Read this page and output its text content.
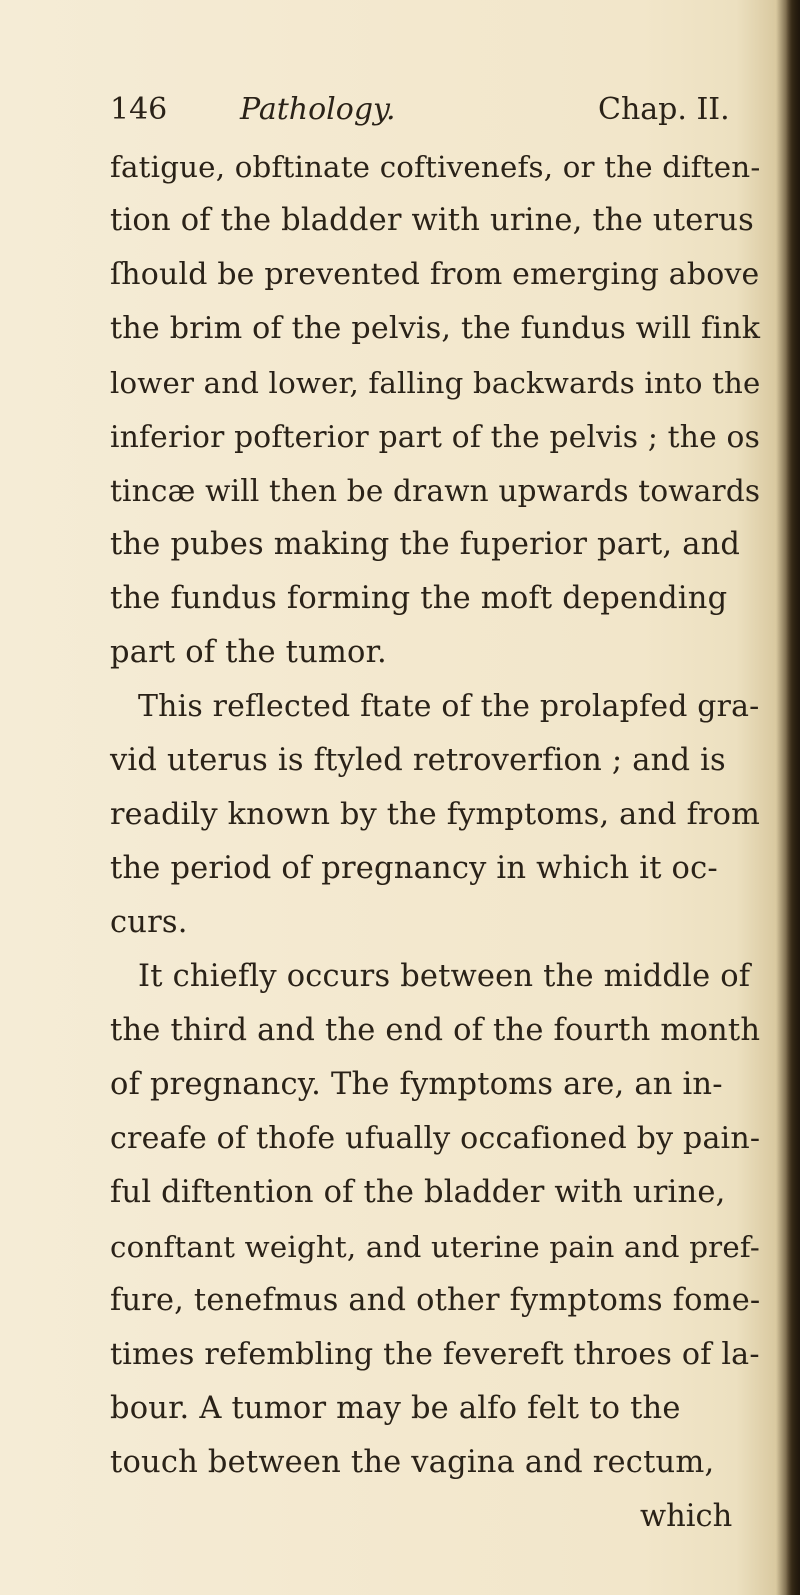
146 Pathology.	Chap. II.
fatigue, obftinate coftivenefs, or the diften-
tion of the bladder with urine, the uterus
ſhould be prevented from emerging above
the brim of the pelvis, the fundus will fink
lower and lower, falling backwards into the
inferior pofterior part of the pelvis ; the os
tincæ will then be drawn upwards towards
the pubes making the fuperior part, and
the fundus forming the moft depending
part of the tumor.
This reflected ftate of the prolapfed gra-
vid uterus is ftyled retroverfion ; and is
readily known by the fymptoms, and from
the period of pregnancy in which it oc-
curs.
It chiefly occurs between the middle of
the third and the end of the fourth month
of pregnancy. The fymptoms are, an in-
creafe of thofe ufually occafioned by pain-
ful diftention of the bladder with urine,
conftant weight, and uterine pain and pref-
fure, tenefmus and other fymptoms fome-
times refembling the fevereft throes of la-
bour. A tumor may be alfo felt to the
touch between the vagina and rectum,
which
